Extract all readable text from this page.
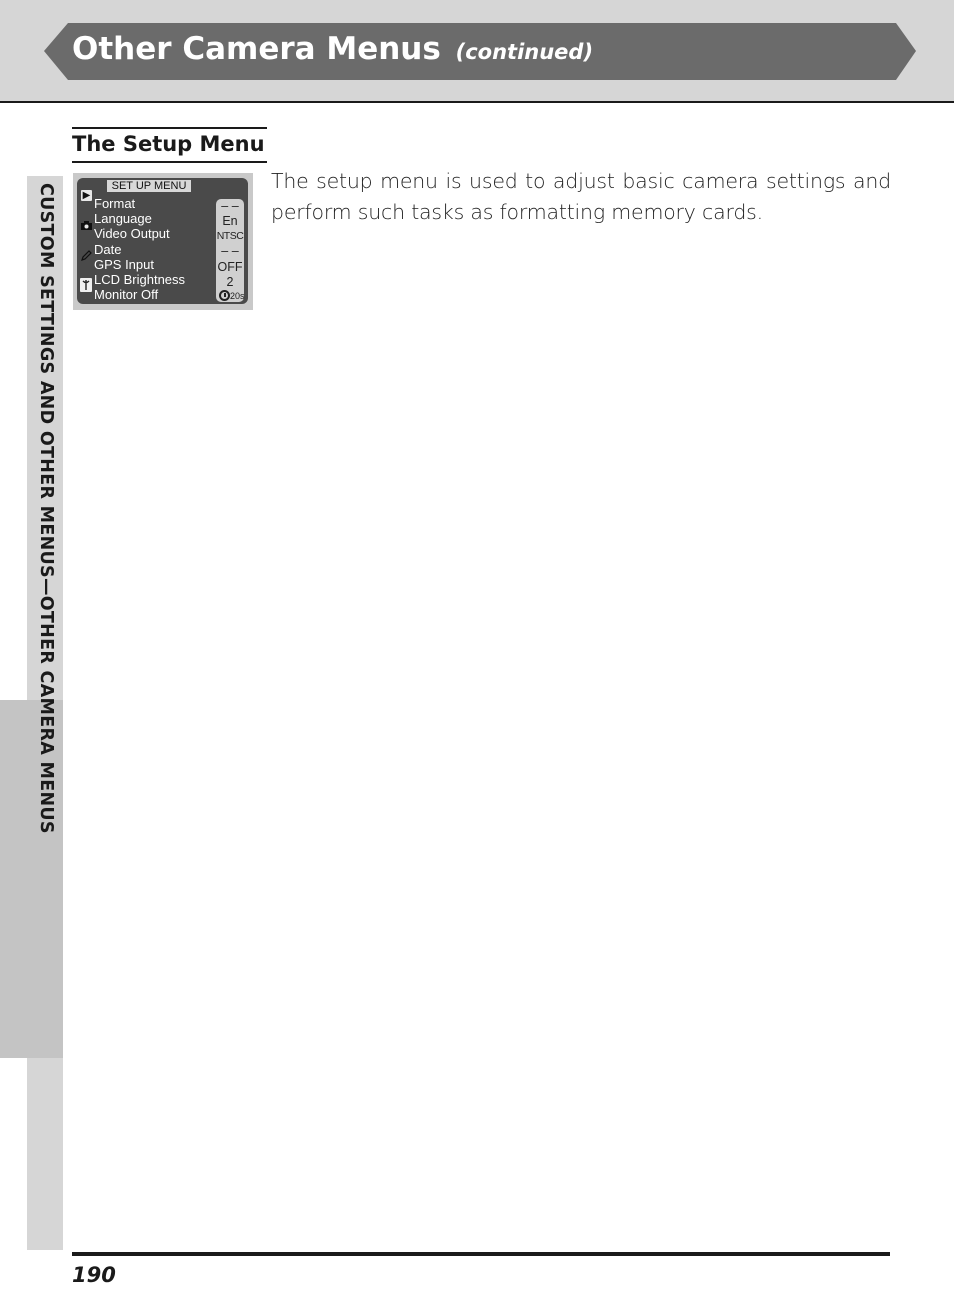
Other Camera Menus (continued)
CUSTOM SETTINGS AND OTHER MENUS—OTHER CAMERA MENUS
The Setup Menu
▶
SET UP MENU
Format
Language
Video Output
Date
GPS Input
LCD Brightness
Monitor Off
– –
En
NTSC
– –
OFF
2
20s
The setup menu is used to adjust basic camera settings and perform such tasks as formatting memory cards.
190
